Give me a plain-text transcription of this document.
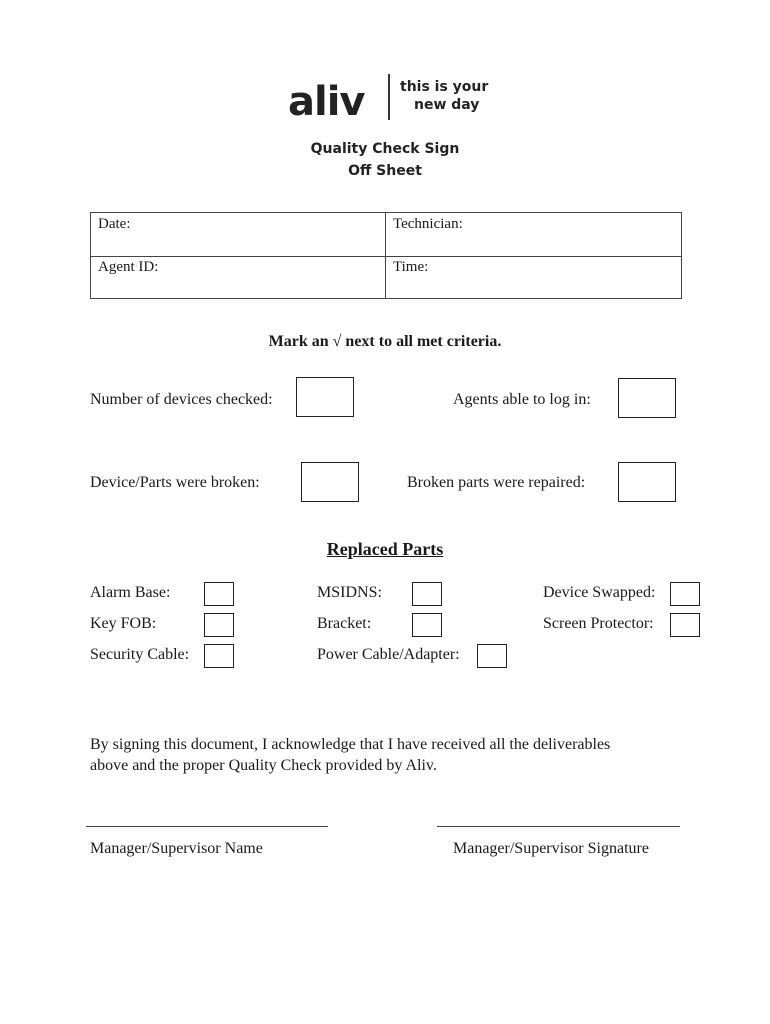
aliv	this is your
new day
Quality Check Sign
Off Sheet
Date:	Technician:
Agent ID:	Time:
Mark an √ next to all met criteria.
Number of devices checked:	Agents able to log in:
Device/Parts were broken:	Broken parts were repaired:
Replaced Parts
Alarm Base:	MSIDNS:	Device Swapped:
Key FOB:	Bracket:	Screen Protector:
Security Cable:	Power Cable/Adapter:
By signing this document, I acknowledge that I have received all the deliverables
above and the proper Quality Check provided by Aliv.
Manager/Supervisor Name	Manager/Supervisor Signature
